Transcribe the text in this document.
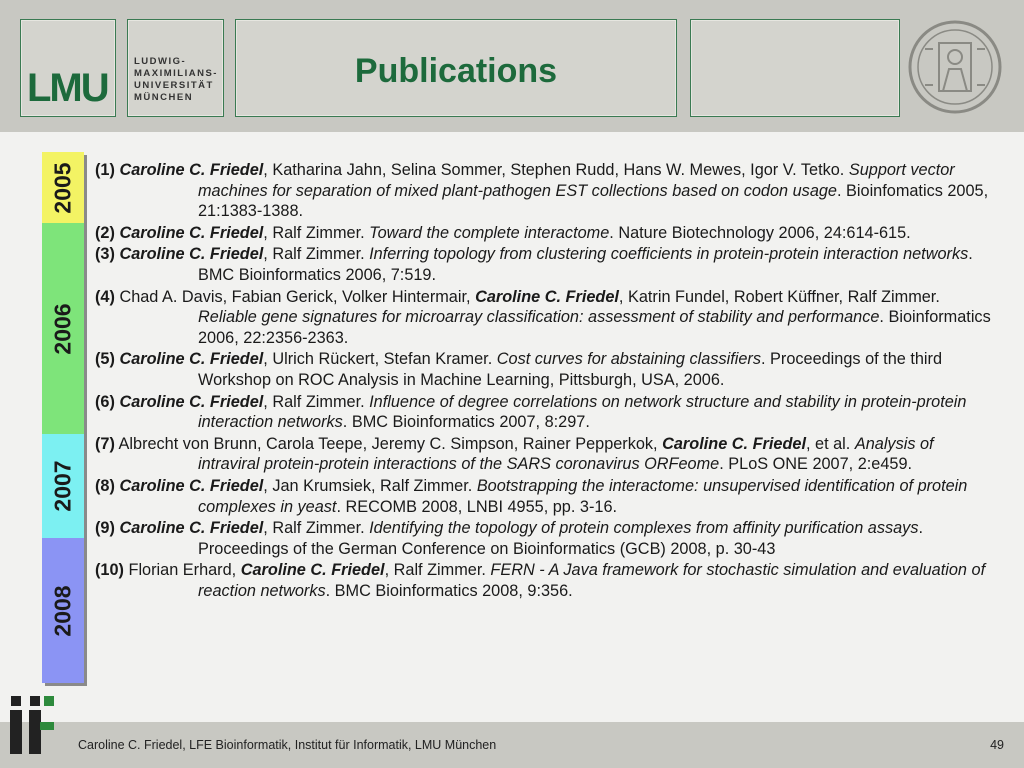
LMU
LUDWIG-
MAXIMILIANS-
UNIVERSITÄT
MÜNCHEN
Publications
2005
2006
2007
2008
(1) Caroline C. Friedel, Katharina Jahn, Selina Sommer, Stephen Rudd, Hans W. Mewes, Igor V. Tetko. Support vector machines for separation of mixed plant-pathogen EST collections based on codon usage. Bioinfomatics 2005, 21:1383-1388.
(2) Caroline C. Friedel, Ralf Zimmer. Toward the complete interactome. Nature Biotechnology 2006, 24:614-615.
(3) Caroline C. Friedel, Ralf Zimmer. Inferring topology from clustering coefficients in protein-protein interaction networks. BMC Bioinformatics 2006, 7:519.
(4) Chad A. Davis, Fabian Gerick, Volker Hintermair, Caroline C. Friedel, Katrin Fundel, Robert Küffner, Ralf Zimmer. Reliable gene signatures for microarray classification: assessment of stability and performance. Bioinformatics 2006, 22:2356-2363.
(5) Caroline C. Friedel, Ulrich Rückert, Stefan Kramer. Cost curves for abstaining classifiers. Proceedings of the third Workshop on ROC Analysis in Machine Learning, Pittsburgh, USA, 2006.
(6) Caroline C. Friedel, Ralf Zimmer. Influence of degree correlations on network structure and stability in protein-protein interaction networks. BMC Bioinformatics 2007, 8:297.
(7) Albrecht von Brunn, Carola Teepe, Jeremy C. Simpson, Rainer Pepperkok, Caroline C. Friedel, et al. Analysis of intraviral protein-protein interactions of the SARS coronavirus ORFeome. PLoS ONE 2007, 2:e459.
(8) Caroline C. Friedel, Jan Krumsiek, Ralf Zimmer. Bootstrapping the interactome: unsupervised identification of protein complexes in yeast. RECOMB 2008, LNBI 4955, pp. 3-16.
(9) Caroline C. Friedel, Ralf Zimmer. Identifying the topology of protein complexes from affinity purification assays. Proceedings of the German Conference on Bioinformatics (GCB) 2008, p. 30-43
(10) Florian Erhard, Caroline C. Friedel, Ralf Zimmer. FERN - A Java framework for stochastic simulation and evaluation of reaction networks. BMC Bioinformatics 2008, 9:356.
Caroline C. Friedel, LFE Bioinformatik, Institut für Informatik, LMU München	49
